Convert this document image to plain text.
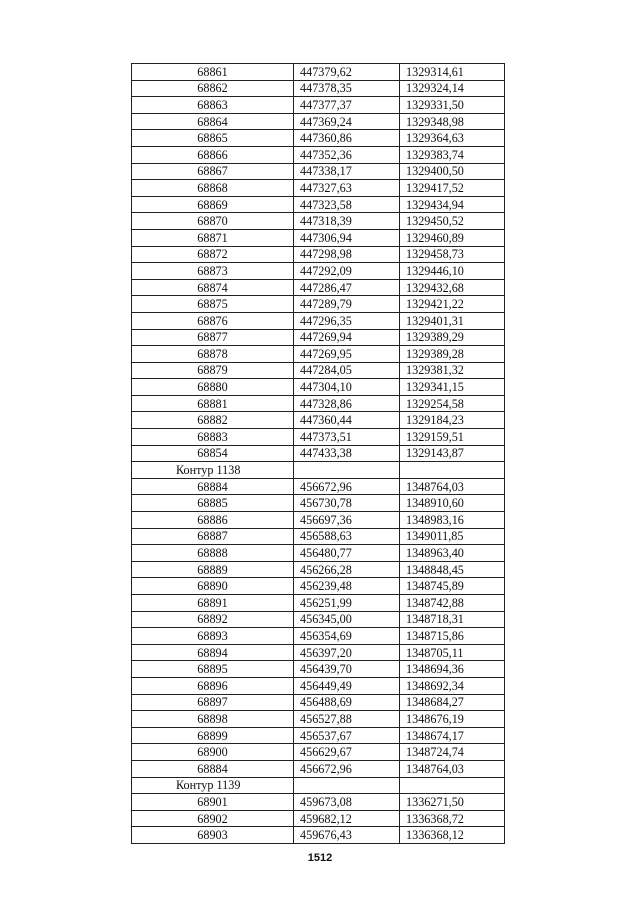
68861	447379,62	1329314,61
68862	447378,35	1329324,14
68863	447377,37	1329331,50
68864	447369,24	1329348,98
68865	447360,86	1329364,63
68866	447352,36	1329383,74
68867	447338,17	1329400,50
68868	447327,63	1329417,52
68869	447323,58	1329434,94
68870	447318,39	1329450,52
68871	447306,94	1329460,89
68872	447298,98	1329458,73
68873	447292,09	1329446,10
68874	447286,47	1329432,68
68875	447289,79	1329421,22
68876	447296,35	1329401,31
68877	447269,94	1329389,29
68878	447269,95	1329389,28
68879	447284,05	1329381,32
68880	447304,10	1329341,15
68881	447328,86	1329254,58
68882	447360,44	1329184,23
68883	447373,51	1329159,51
68854	447433,38	1329143,87
Контур 1138		
68884	456672,96	1348764,03
68885	456730,78	1348910,60
68886	456697,36	1348983,16
68887	456588,63	1349011,85
68888	456480,77	1348963,40
68889	456266,28	1348848,45
68890	456239,48	1348745,89
68891	456251,99	1348742,88
68892	456345,00	1348718,31
68893	456354,69	1348715,86
68894	456397,20	1348705,11
68895	456439,70	1348694,36
68896	456449,49	1348692,34
68897	456488,69	1348684,27
68898	456527,88	1348676,19
68899	456537,67	1348674,17
68900	456629,67	1348724,74
68884	456672,96	1348764,03
Контур 1139		
68901	459673,08	1336271,50
68902	459682,12	1336368,72
68903	459676,43	1336368,12
1512
